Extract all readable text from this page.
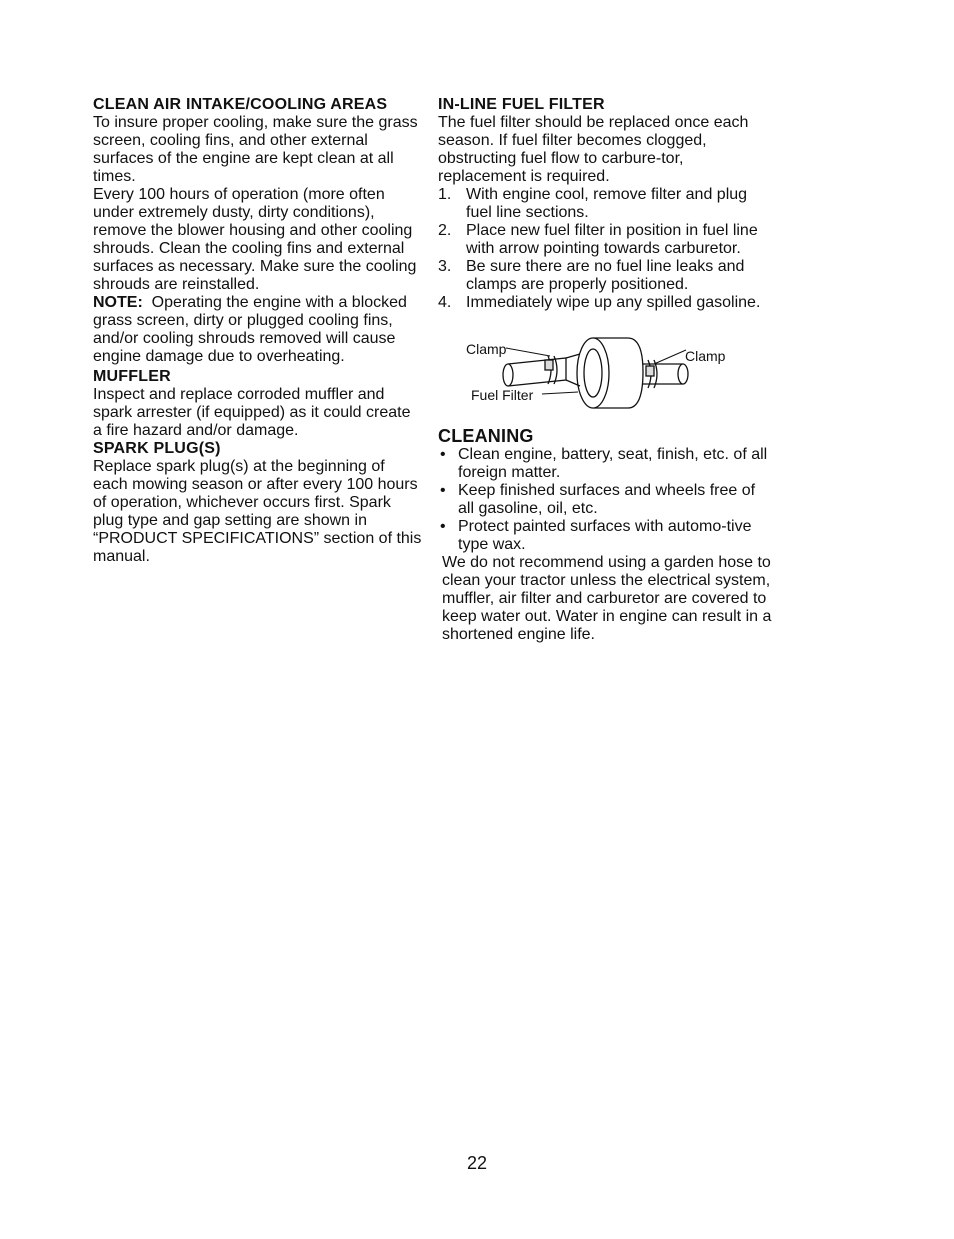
CLEAN AIR INTAKE/COOLING AREAS

To insure proper cooling, make sure the grass screen, cooling fins, and other external surfaces of the engine are kept clean at all times.

Every 100 hours of operation (more often under extremely dusty, dirty conditions), remove the blower housing and other cooling shrouds. Clean the cooling fins and external surfaces as necessary. Make sure the cooling shrouds are reinstalled.

NOTE: Operating the engine with a blocked grass screen, dirty or plugged cooling fins, and/or cooling shrouds removed will cause engine damage due to overheating.

MUFFLER

Inspect and replace corroded muffler and spark arrester (if equipped) as it could create a fire hazard and/or damage.

SPARK PLUG(S)

Replace spark plug(s) at the beginning of each mowing season or after every 100 hours of operation, whichever occurs first. Spark plug type and gap setting are shown in “PRODUCT SPECIFICATIONS” section of this manual.

IN-LINE FUEL FILTER

The fuel filter should be replaced once each season. If fuel filter becomes clogged, obstructing fuel flow to carbure-tor, replacement is required.

1. With engine cool, remove filter and plug fuel line sections.
2. Place new fuel filter in position in fuel line with arrow pointing towards carburetor.
3. Be sure there are no fuel line leaks and clamps are properly positioned.
4. Immediately wipe up any spilled gasoline.
Clamp	Clamp
Fuel Filter
CLEANING
• Clean engine, battery, seat, finish, etc. of all foreign matter.
• Keep finished surfaces and wheels free of all gasoline, oil, etc.
• Protect painted surfaces with automo-tive type wax.

We do not recommend using a garden hose to clean your tractor unless the electrical system, muffler, air filter and carburetor are covered to keep water out. Water in engine can result in a shortened engine life.

22
